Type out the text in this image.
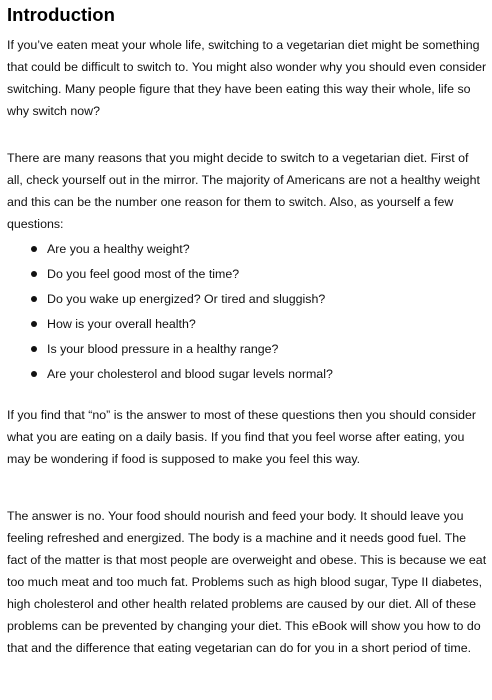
Introduction

If you’ve eaten meat your whole life, switching to a vegetarian diet might be something that could be difficult to switch to. You might also wonder why you should even consider switching. Many people figure that they have been eating this way their whole, life so why switch now?

There are many reasons that you might decide to switch to a vegetarian diet. First of all, check yourself out in the mirror. The majority of Americans are not a healthy weight and this can be the number one reason for them to switch. Also, as yourself a few questions:

Are you a healthy weight?
Do you feel good most of the time?
Do you wake up energized? Or tired and sluggish?
How is your overall health?
Is your blood pressure in a healthy range?
Are your cholesterol and blood sugar levels normal?

If you find that “no” is the answer to most of these questions then you should consider what you are eating on a daily basis. If you find that you feel worse after eating, you may be wondering if food is supposed to make you feel this way.

The answer is no. Your food should nourish and feed your body. It should leave you feeling refreshed and energized. The body is a machine and it needs good fuel. The fact of the matter is that most people are overweight and obese. This is because we eat too much meat and too much fat. Problems such as high blood sugar, Type II diabetes, high cholesterol and other health related problems are caused by our diet. All of these problems can be prevented by changing your diet. This eBook will show you how to do that and the difference that eating vegetarian can do for you in a short period of time.
